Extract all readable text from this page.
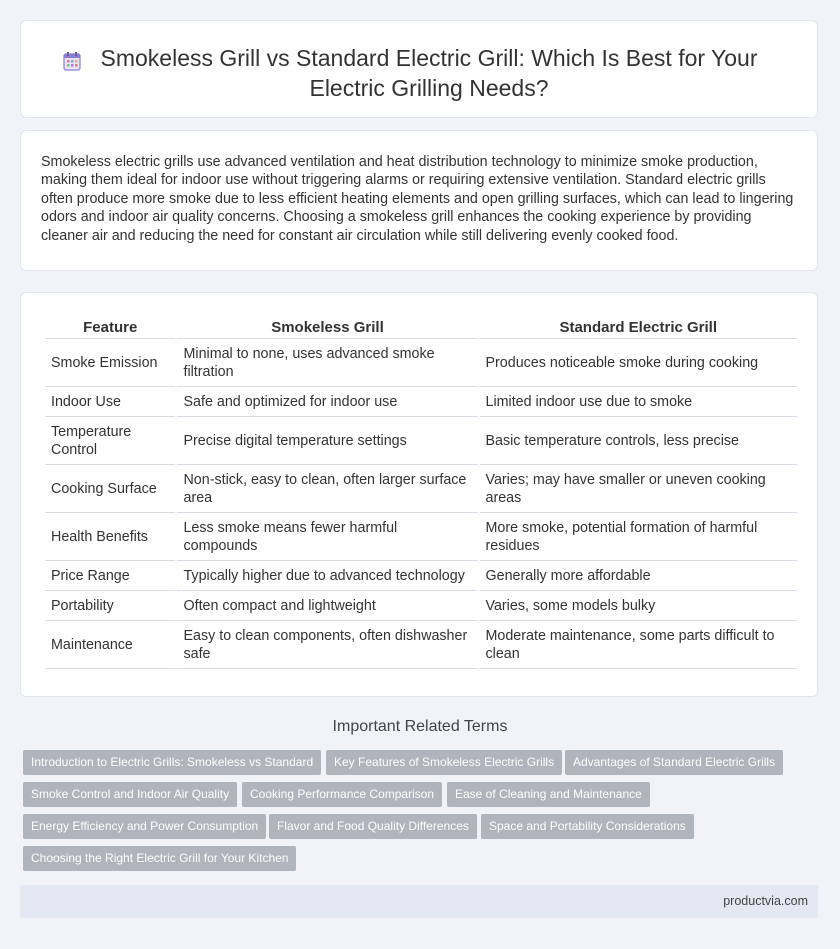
Smokeless Grill vs Standard Electric Grill: Which Is Best for Your Electric Grilling Needs?

Smokeless electric grills use advanced ventilation and heat distribution technology to minimize smoke production, making them ideal for indoor use without triggering alarms or requiring extensive ventilation. Standard electric grills often produce more smoke due to less efficient heating elements and open grilling surfaces, which can lead to lingering odors and indoor air quality concerns. Choosing a smokeless grill enhances the cooking experience by providing cleaner air and reducing the need for constant air circulation while still delivering evenly cooked food.

Feature	Smokeless Grill	Standard Electric Grill
Smoke Emission	Minimal to none, uses advanced smoke filtration	Produces noticeable smoke during cooking
Indoor Use	Safe and optimized for indoor use	Limited indoor use due to smoke
Temperature Control	Precise digital temperature settings	Basic temperature controls, less precise
Cooking Surface	Non-stick, easy to clean, often larger surface area	Varies; may have smaller or uneven cooking areas
Health Benefits	Less smoke means fewer harmful compounds	More smoke, potential formation of harmful residues
Price Range	Typically higher due to advanced technology	Generally more affordable
Portability	Often compact and lightweight	Varies, some models bulky
Maintenance	Easy to clean components, often dishwasher safe	Moderate maintenance, some parts difficult to clean
Important Related Terms
Introduction to Electric Grills: Smokeless vs Standard	Key Features of Smokeless Electric Grills	Advantages of Standard Electric Grills
Smoke Control and Indoor Air Quality	Cooking Performance Comparison	Ease of Cleaning and Maintenance
Energy Efficiency and Power Consumption	Flavor and Food Quality Differences	Space and Portability Considerations
Choosing the Right Electric Grill for Your Kitchen
productvia.com
